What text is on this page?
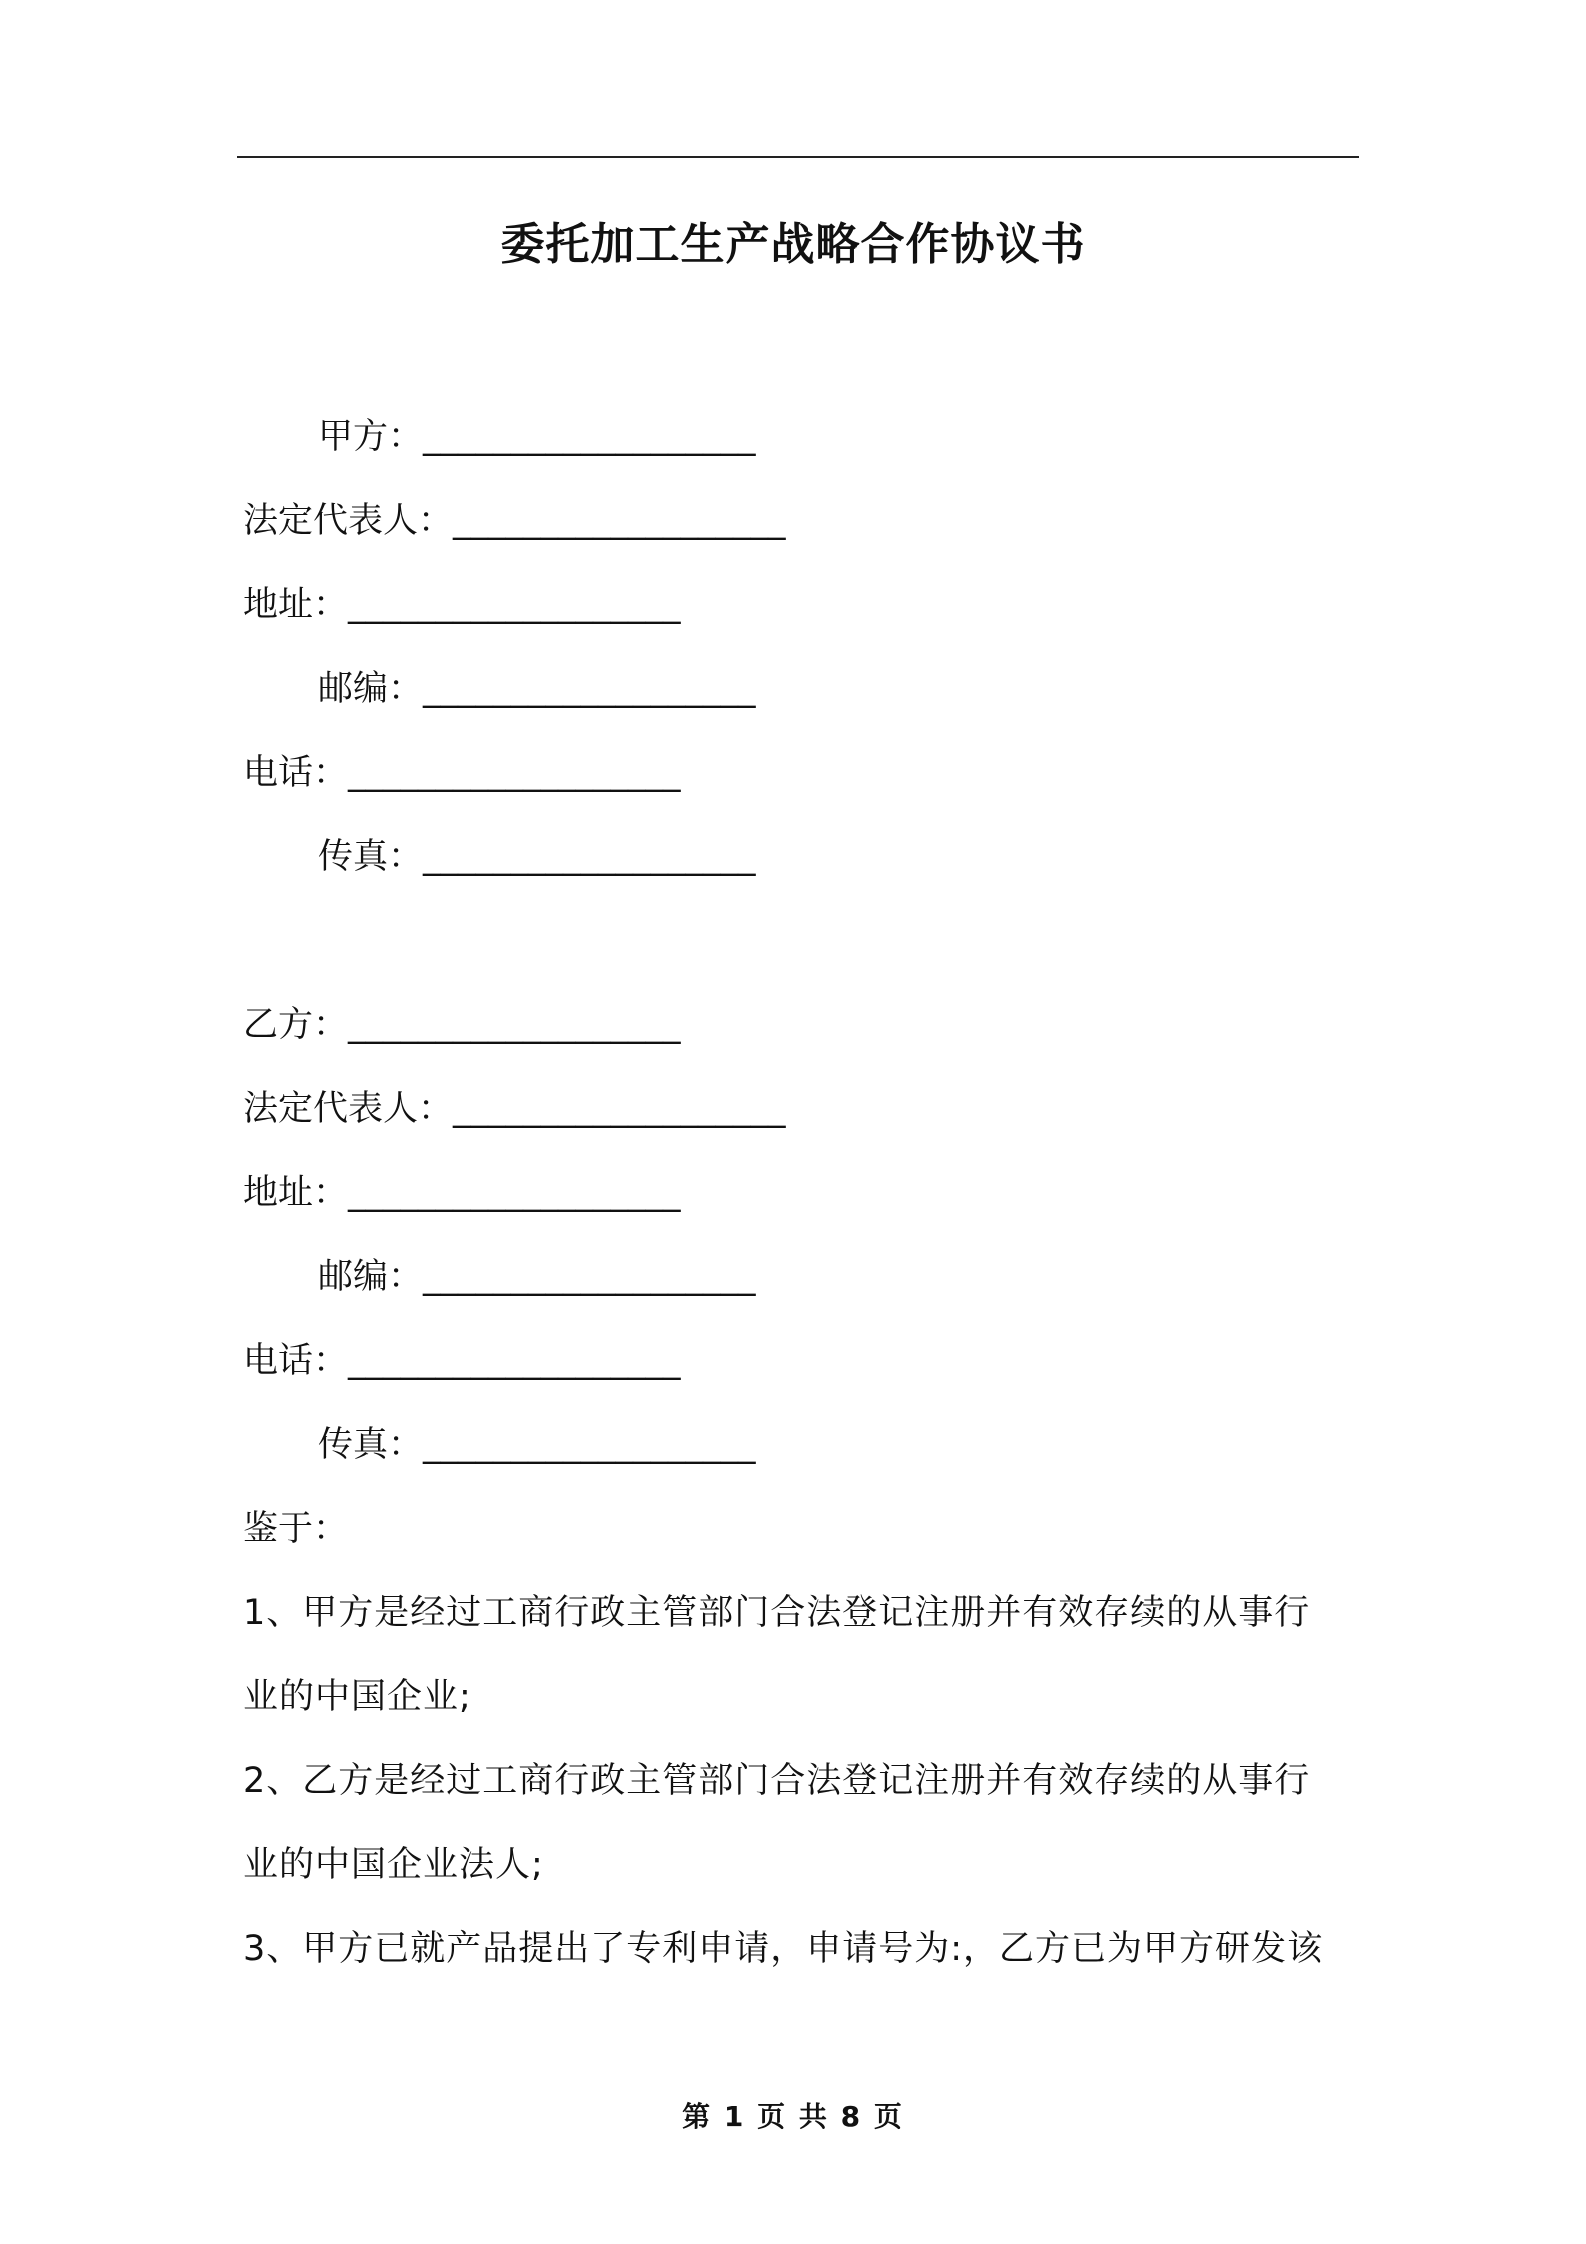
委托加工生产战略合作协议书
甲方：___________________
法定代表人：___________________
地址：___________________
邮编：___________________
电话：___________________
传真：___________________
乙方：___________________
法定代表人：___________________
地址：___________________
邮编：___________________
电话：___________________
传真：___________________
鉴于：
1、甲方是经过工商行政主管部门合法登记注册并有效存续的从事行
业的中国企业;
2、乙方是经过工商行政主管部门合法登记注册并有效存续的从事行
业的中国企业法人;
3、甲方已就产品提出了专利申请，申请号为:，乙方已为甲方研发该
第 1 页 共 8 页
